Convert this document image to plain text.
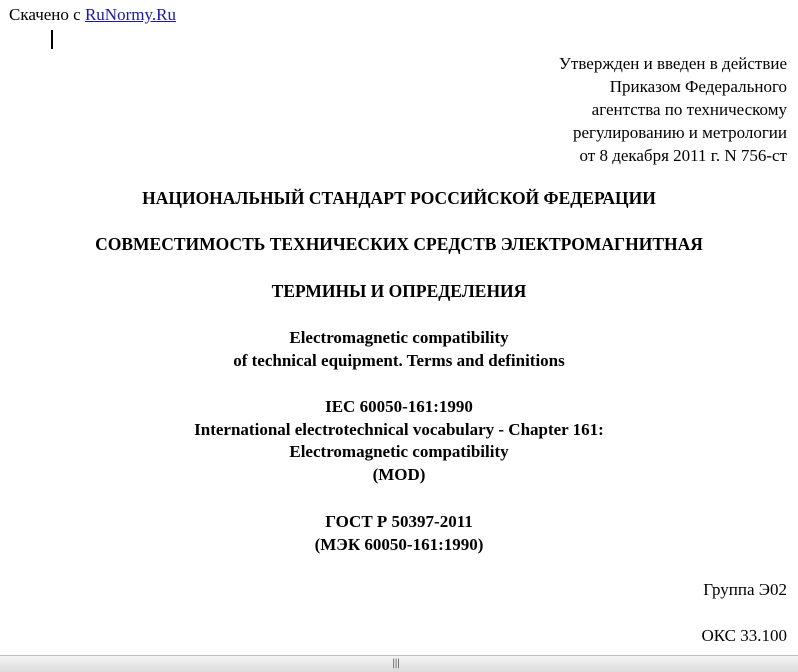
Скачено с RuNormy.Ru
Утвержден и введен в действие
Приказом Федерального
агентства по техническому
регулированию и метрологии
от 8 декабря 2011 г. N 756-ст
НАЦИОНАЛЬНЫЙ СТАНДАРТ РОССИЙСКОЙ ФЕДЕРАЦИИ
СОВМЕСТИМОСТЬ ТЕХНИЧЕСКИХ СРЕДСТВ ЭЛЕКТРОМАГНИТНАЯ
ТЕРМИНЫ И ОПРЕДЕЛЕНИЯ
Electromagnetic compatibility
of technical equipment. Terms and definitions
IEC 60050-161:1990
International electrotechnical vocabulary - Chapter 161:
Electromagnetic compatibility
(MOD)
ГОСТ Р 50397-2011
(МЭК 60050-161:1990)
Группа Э02
ОКС 33.100
|||
